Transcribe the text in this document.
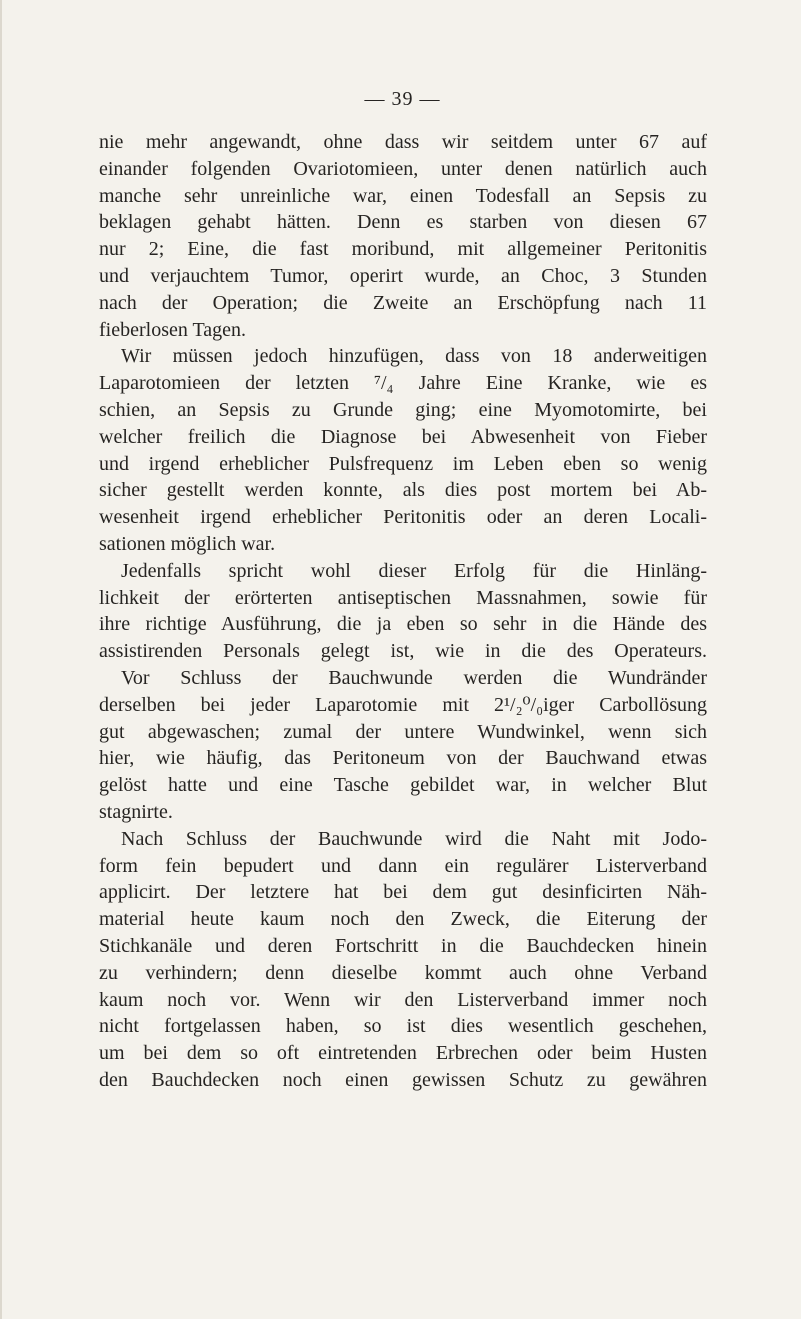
— 39 —
nie mehr angewandt, ohne dass wir seitdem unter 67 auf
einander folgenden Ovariotomieen, unter denen natürlich auch
manche sehr unreinliche war, einen Todesfall an Sepsis zu
beklagen gehabt hätten. Denn es starben von diesen 67
nur 2; Eine, die fast moribund, mit allgemeiner Peritonitis
und verjauchtem Tumor, operirt wurde, an Choc, 3 Stunden
nach der Operation; die Zweite an Erschöpfung nach 11
fieberlosen Tagen.
Wir müssen jedoch hinzufügen, dass von 18 anderweitigen
Laparotomieen der letzten ⁷/₄ Jahre Eine Kranke, wie es
schien, an Sepsis zu Grunde ging; eine Myomotomirte, bei
welcher freilich die Diagnose bei Abwesenheit von Fieber
und irgend erheblicher Pulsfrequenz im Leben eben so wenig
sicher gestellt werden konnte, als dies post mortem bei Ab-
wesenheit irgend erheblicher Peritonitis oder an deren Locali-
sationen möglich war.
Jedenfalls spricht wohl dieser Erfolg für die Hinläng-
lichkeit der erörterten antiseptischen Massnahmen, sowie für
ihre richtige Ausführung, die ja eben so sehr in die Hände des
assistirenden Personals gelegt ist, wie in die des Operateurs.
Vor Schluss der Bauchwunde werden die Wundränder
derselben bei jeder Laparotomie mit 2¹/₂⁰/₀iger Carbollösung
gut abgewaschen; zumal der untere Wundwinkel, wenn sich
hier, wie häufig, das Peritoneum von der Bauchwand etwas
gelöst hatte und eine Tasche gebildet war, in welcher Blut
stagnirte.
Nach Schluss der Bauchwunde wird die Naht mit Jodo-
form fein bepudert und dann ein regulärer Listerverband
applicirt. Der letztere hat bei dem gut desinficirten Näh-
material heute kaum noch den Zweck, die Eiterung der
Stichkanäle und deren Fortschritt in die Bauchdecken hinein
zu verhindern; denn dieselbe kommt auch ohne Verband
kaum noch vor. Wenn wir den Listerverband immer noch
nicht fortgelassen haben, so ist dies wesentlich geschehen,
um bei dem so oft eintretenden Erbrechen oder beim Husten
den Bauchdecken noch einen gewissen Schutz zu gewähren
